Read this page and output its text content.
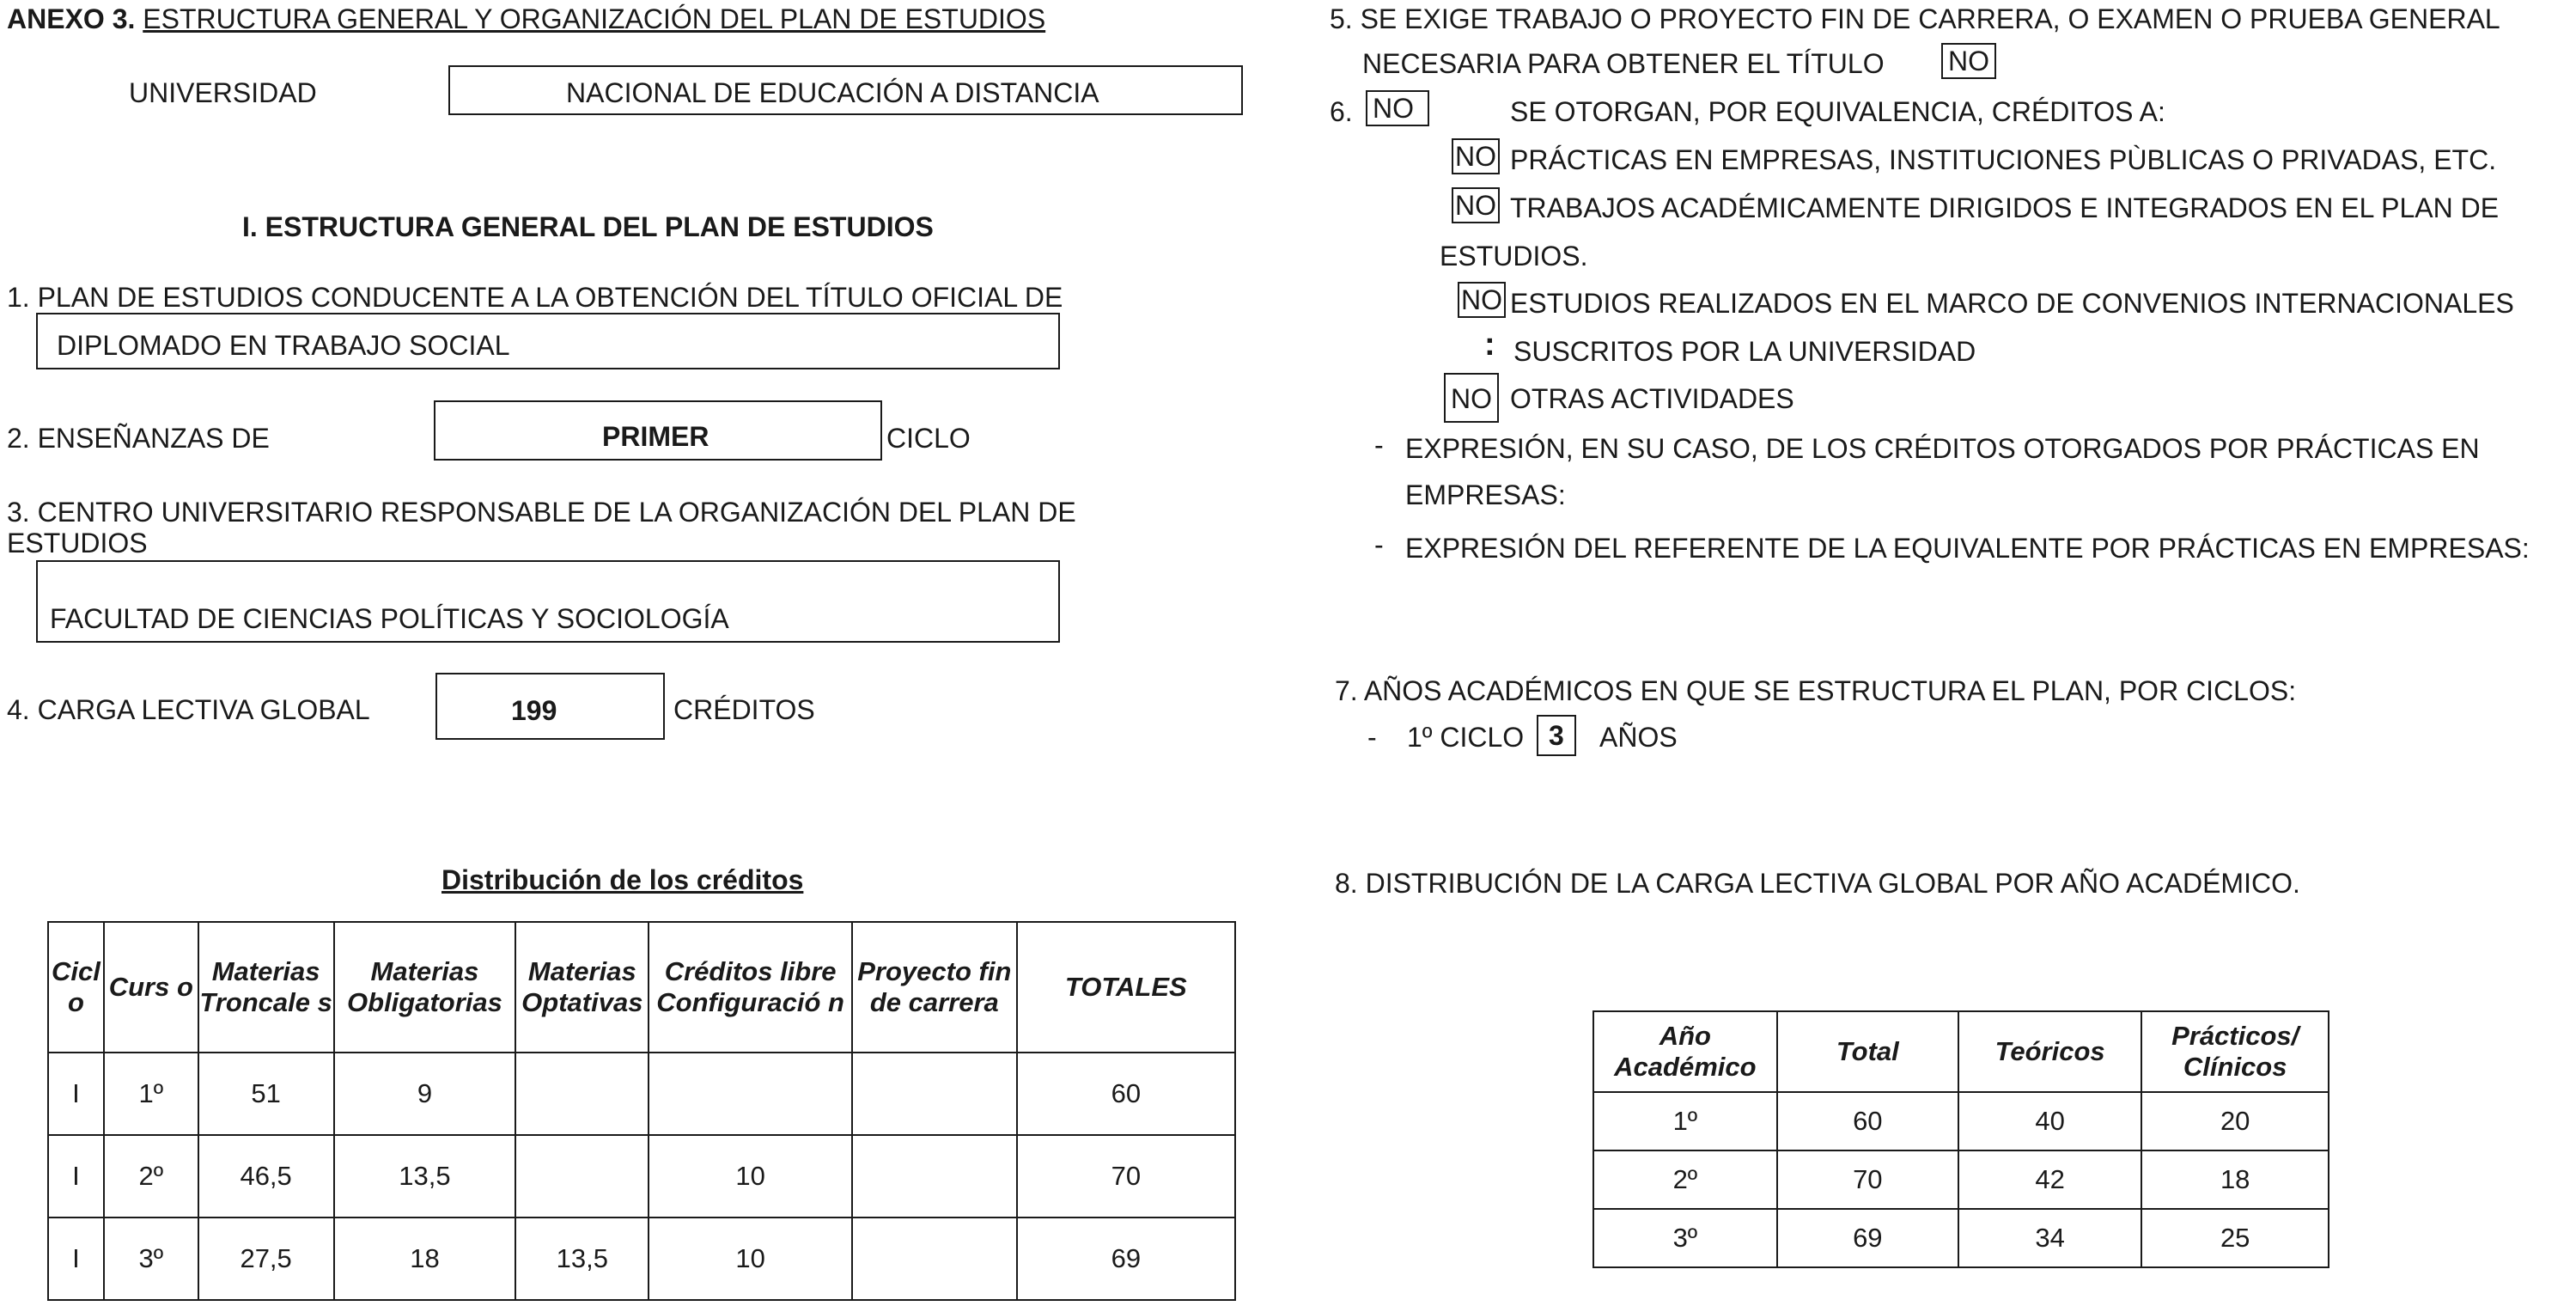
ANEXO 3. ESTRUCTURA GENERAL Y ORGANIZACIÓN DEL PLAN DE ESTUDIOS
UNIVERSIDAD	NACIONAL DE EDUCACIÓN A DISTANCIA
I. ESTRUCTURA GENERAL DEL PLAN DE ESTUDIOS
1. PLAN DE ESTUDIOS CONDUCENTE A LA OBTENCIÓN DEL TÍTULO OFICIAL DE
DIPLOMADO EN TRABAJO SOCIAL
2. ENSEÑANZAS DE	PRIMER	CICLO
3. CENTRO UNIVERSITARIO RESPONSABLE DE LA ORGANIZACIÓN DEL PLAN DE
ESTUDIOS
FACULTAD DE CIENCIAS POLÍTICAS Y SOCIOLOGÍA
4. CARGA LECTIVA GLOBAL	199	CRÉDITOS
Distribución de los créditos
Cicl o	Curs o	Materias Troncale s	Materias Obligatorias	Materias Optativas	Créditos libre Configuració n	Proyecto fin de carrera	TOTALES
I	1º	51	9				60
I	2º	46,5	13,5		10		70
I	3º	27,5	18	13,5	10		69
5. SE EXIGE TRABAJO O PROYECTO FIN DE CARRERA, O EXAMEN O PRUEBA GENERAL
NECESARIA PARA OBTENER EL TÍTULO NO
6. NO	SE OTORGAN, POR EQUIVALENCIA, CRÉDITOS A:
NO PRÁCTICAS EN EMPRESAS, INSTITUCIONES PÙBLICAS O PRIVADAS, ETC.
NO TRABAJOS ACADÉMICAMENTE DIRIGIDOS E INTEGRADOS EN EL PLAN DE
ESTUDIOS.
NO ESTUDIOS REALIZADOS EN EL MARCO DE CONVENIOS INTERNACIONALES
: SUSCRITOS POR LA UNIVERSIDAD
NO OTRAS ACTIVIDADES
- EXPRESIÓN, EN SU CASO, DE LOS CRÉDITOS OTORGADOS POR PRÁCTICAS EN
EMPRESAS:
- EXPRESIÓN DEL REFERENTE DE LA EQUIVALENTE POR PRÁCTICAS EN EMPRESAS:
7. AÑOS ACADÉMICOS EN QUE SE ESTRUCTURA EL PLAN, POR CICLOS:
- 1º CICLO 3	AÑOS
8. DISTRIBUCIÓN DE LA CARGA LECTIVA GLOBAL POR AÑO ACADÉMICO.
Año Académico	Total	Teóricos	Prácticos/ Clínicos
1º	60	40	20
2º	70	42	18
3º	69	34	25
